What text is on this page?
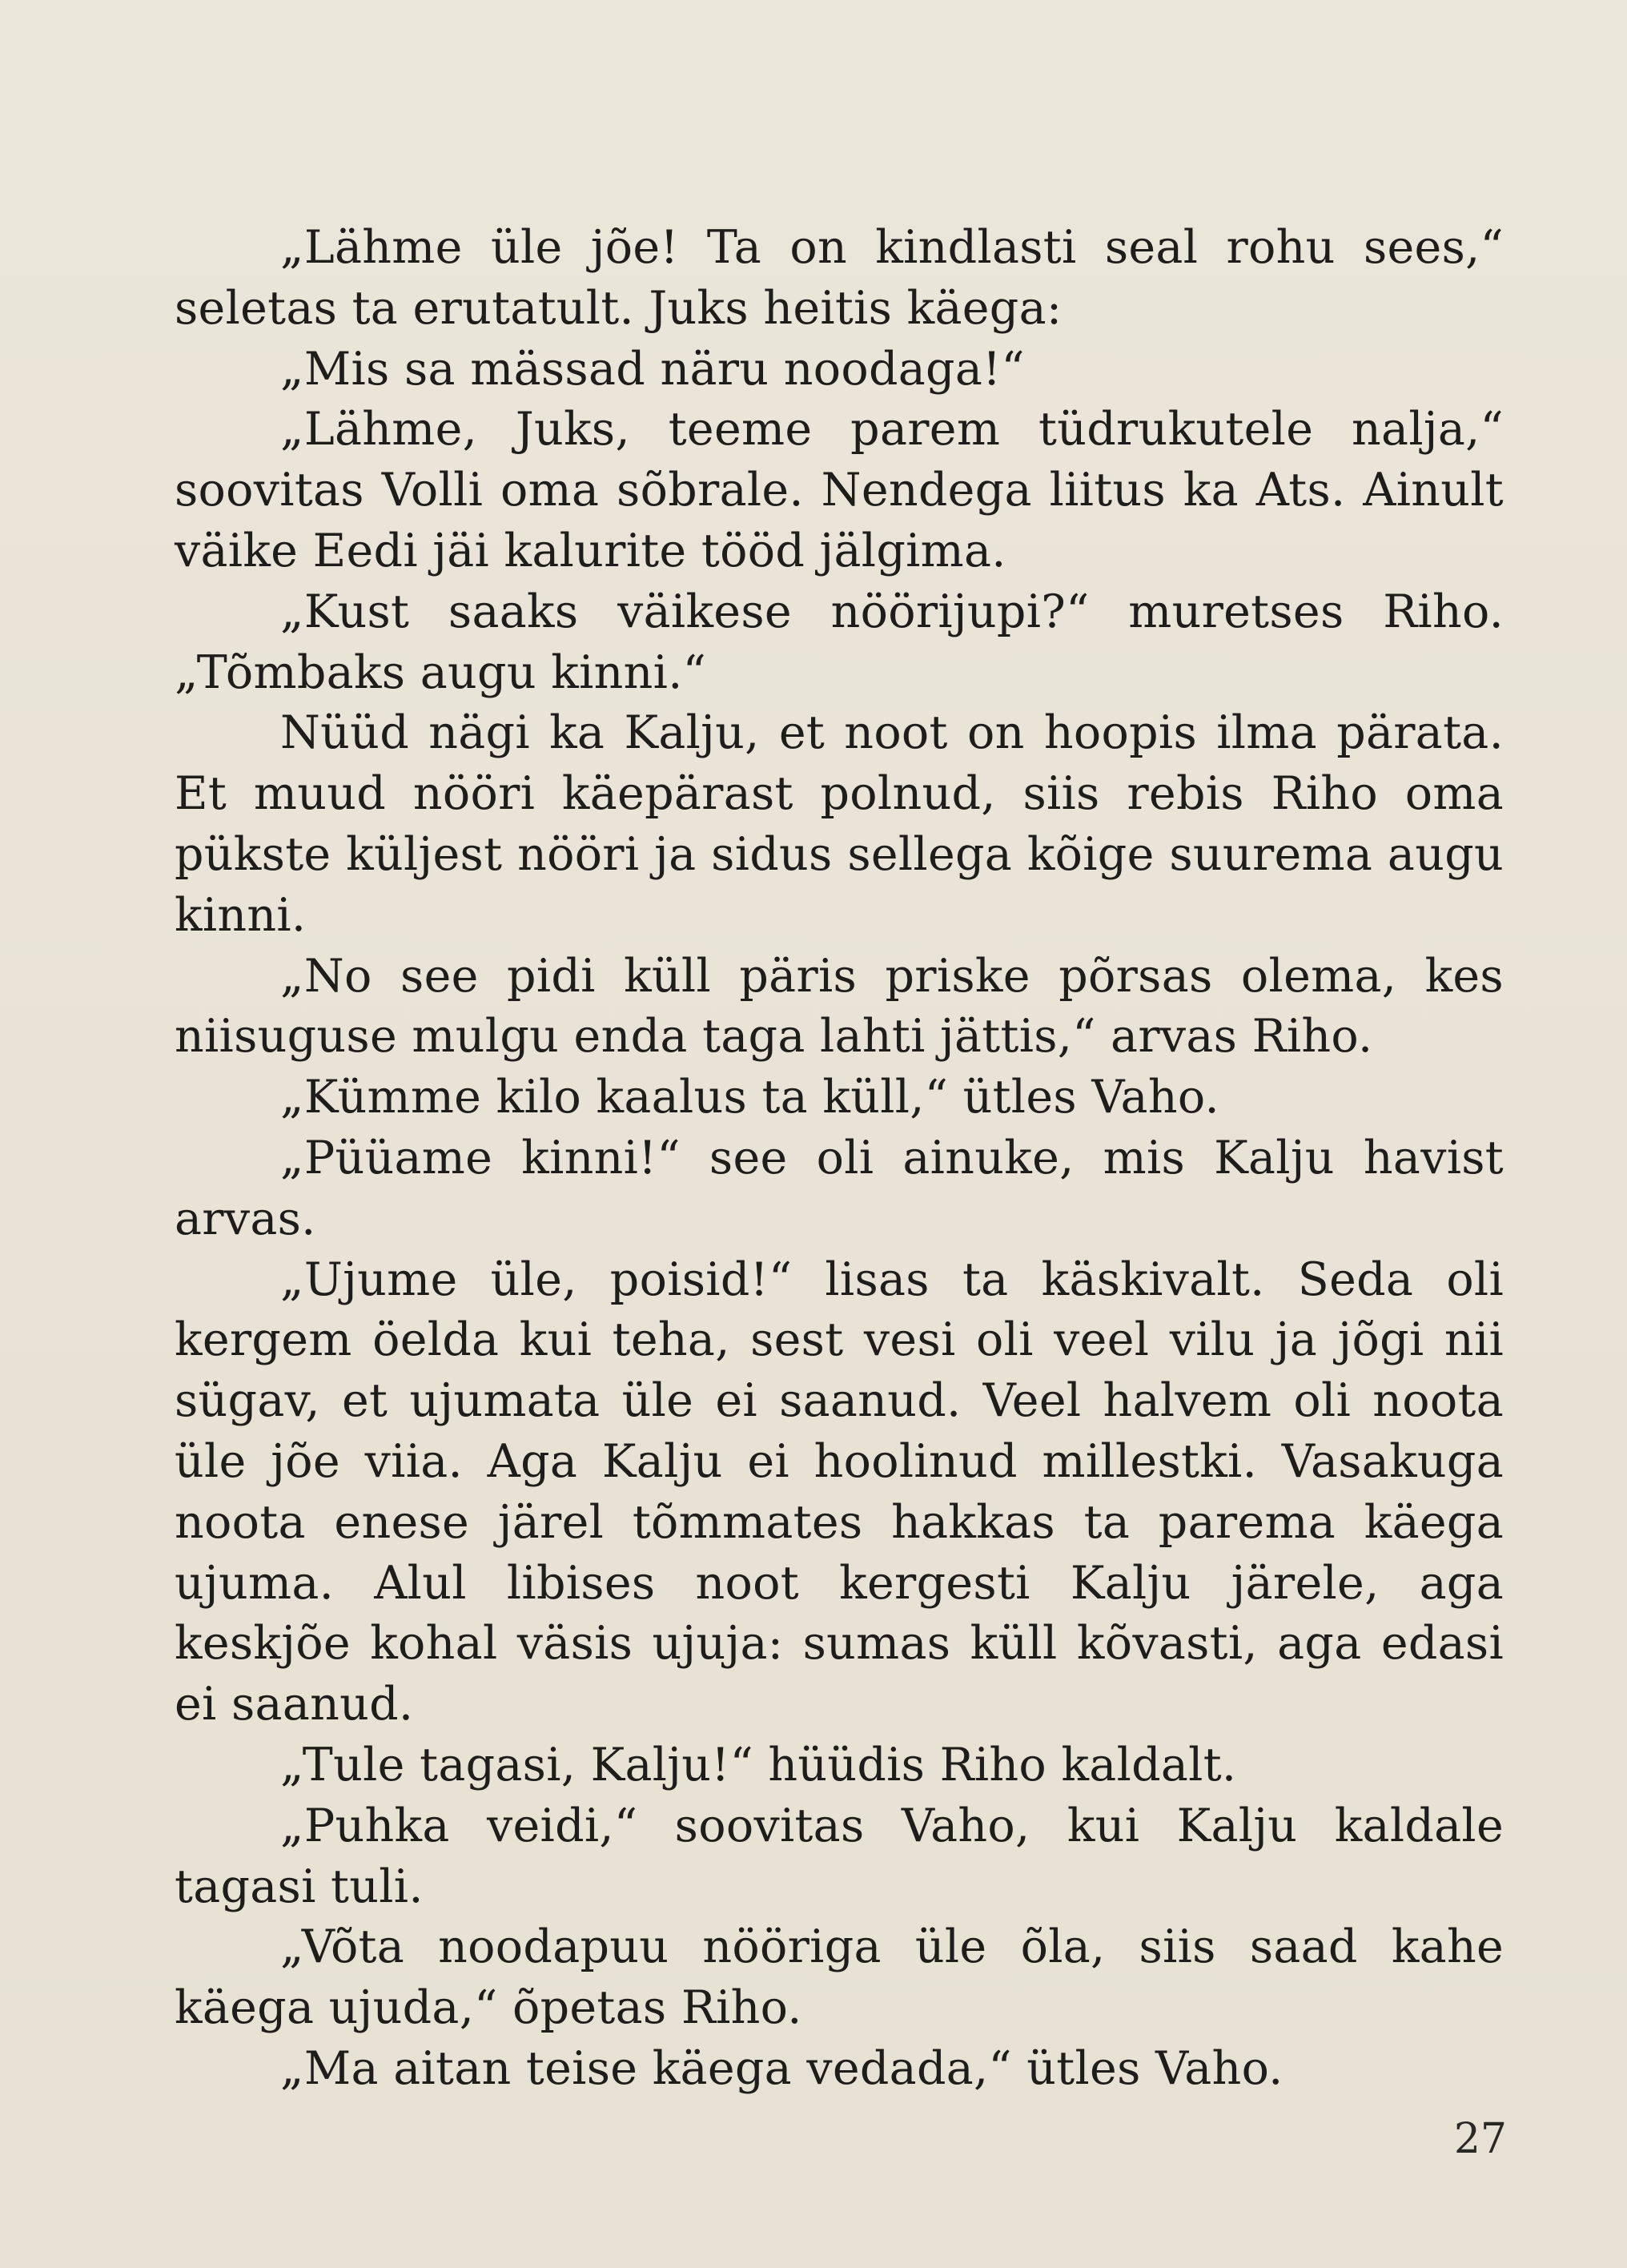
„Lähme üle jõe! Ta on kindlasti seal rohu sees,“ seletas ta erutatult. Juks heitis käega:

„Mis sa mässad näru noodaga!“

„Lähme, Juks, teeme parem tüdrukutele nalja,“ soovitas Volli oma sõbrale. Nendega liitus ka Ats. Ainult väike Eedi jäi kalurite tööd jälgima.

„Kust saaks väikese nöörijupi?“ muretses Riho. „Tõmbaks augu kinni.“

Nüüd nägi ka Kalju, et noot on hoopis ilma pärata. Et muud nööri käepärast polnud, siis rebis Riho oma pükste küljest nööri ja sidus sellega kõige suurema augu kinni.

„No see pidi küll päris priske põrsas olema, kes niisuguse mulgu enda taga lahti jättis,“ arvas Riho.

„Kümme kilo kaalus ta küll,“ ütles Vaho.

„Püüame kinni!“ see oli ainuke, mis Kalju havist arvas.

„Ujume üle, poisid!“ lisas ta käskivalt. Seda oli kergem öelda kui teha, sest vesi oli veel vilu ja jõgi nii sügav, et ujumata üle ei saanud. Veel halvem oli noota üle jõe viia. Aga Kalju ei hoolinud millestki. Vasakuga noota enese järel tõmmates hakkas ta parema käega ujuma. Alul libises noot kergesti Kalju järele, aga keskjõe kohal väsis ujuja: sumas küll kõvasti, aga edasi ei saanud.

„Tule tagasi, Kalju!“ hüüdis Riho kaldalt.

„Puhka veidi,“ soovitas Vaho, kui Kalju kaldale tagasi tuli.

„Võta noodapuu nööriga üle õla, siis saad kahe käega ujuda,“ õpetas Riho.

„Ma aitan teise käega vedada,“ ütles Vaho.

27
